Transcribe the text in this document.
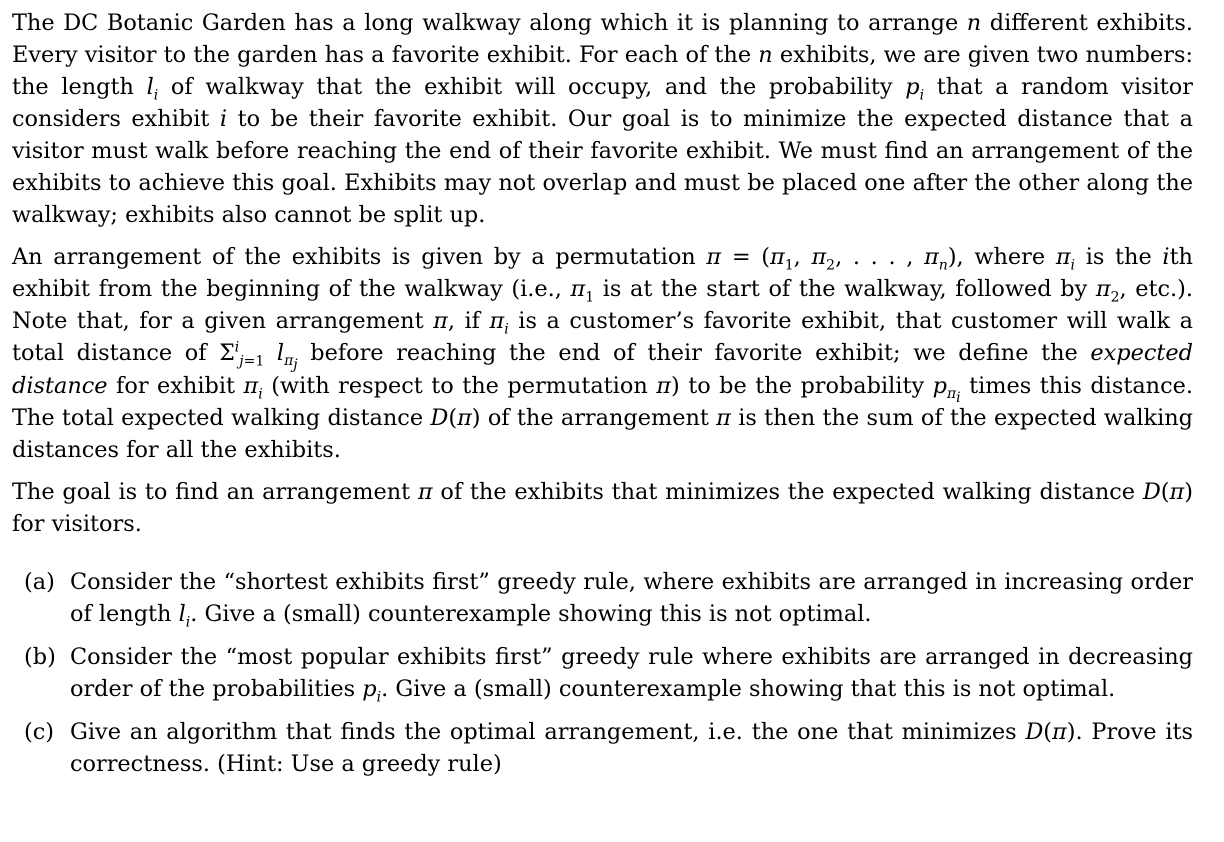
The DC Botanic Garden has a long walkway along which it is planning to arrange n different exhibits. Every visitor to the garden has a favorite exhibit. For each of the n exhibits, we are given two numbers: the length $l_i$ of walkway that the exhibit will occupy, and the probability $p_i$ that a random visitor considers exhibit i to be their favorite exhibit. Our goal is to minimize the expected distance that a visitor must walk before reaching the end of their favorite exhibit. We must find an arrangement of the exhibits to achieve this goal. Exhibits may not overlap and must be placed one after the other along the walkway; exhibits also cannot be split up.

An arrangement of the exhibits is given by a permutation $\pi = (\pi_1$, $\pi_2$, . . . , $\pi_n$), where $\pi_i$ is the ith exhibit from the beginning of the walkway (i.e., $\pi_1$ is at the start of the walkway, followed by $\pi_2$, etc.). Note that, for a given arrangement π, if $\pi_i$ is a customer’s favorite exhibit, that customer will walk a total distance of $\Sigma^i_{j=1}$ $l_{\pi_j}$ before reaching the end of their favorite exhibit; we define the expected distance for exhibit $\pi_i$ (with respect to the permutation π) to be the probability $p_{\pi_i}$ times this distance. The total expected walking distance D(π) of the arrangement π is then the sum of the expected walking distances for all the exhibits.

The goal is to find an arrangement π of the exhibits that minimizes the expected walking distance D(π) for visitors.

(a) Consider the “shortest exhibits first” greedy rule, where exhibits are arranged in increasing order of length $l_i$. Give a (small) counterexample showing this is not optimal.

(b) Consider the “most popular exhibits first” greedy rule where exhibits are arranged in decreasing order of the probabilities $p_i$. Give a (small) counterexample showing that this is not optimal.

(c) Give an algorithm that finds the optimal arrangement, i.e. the one that minimizes D(π). Prove its correctness. (Hint: Use a greedy rule)
